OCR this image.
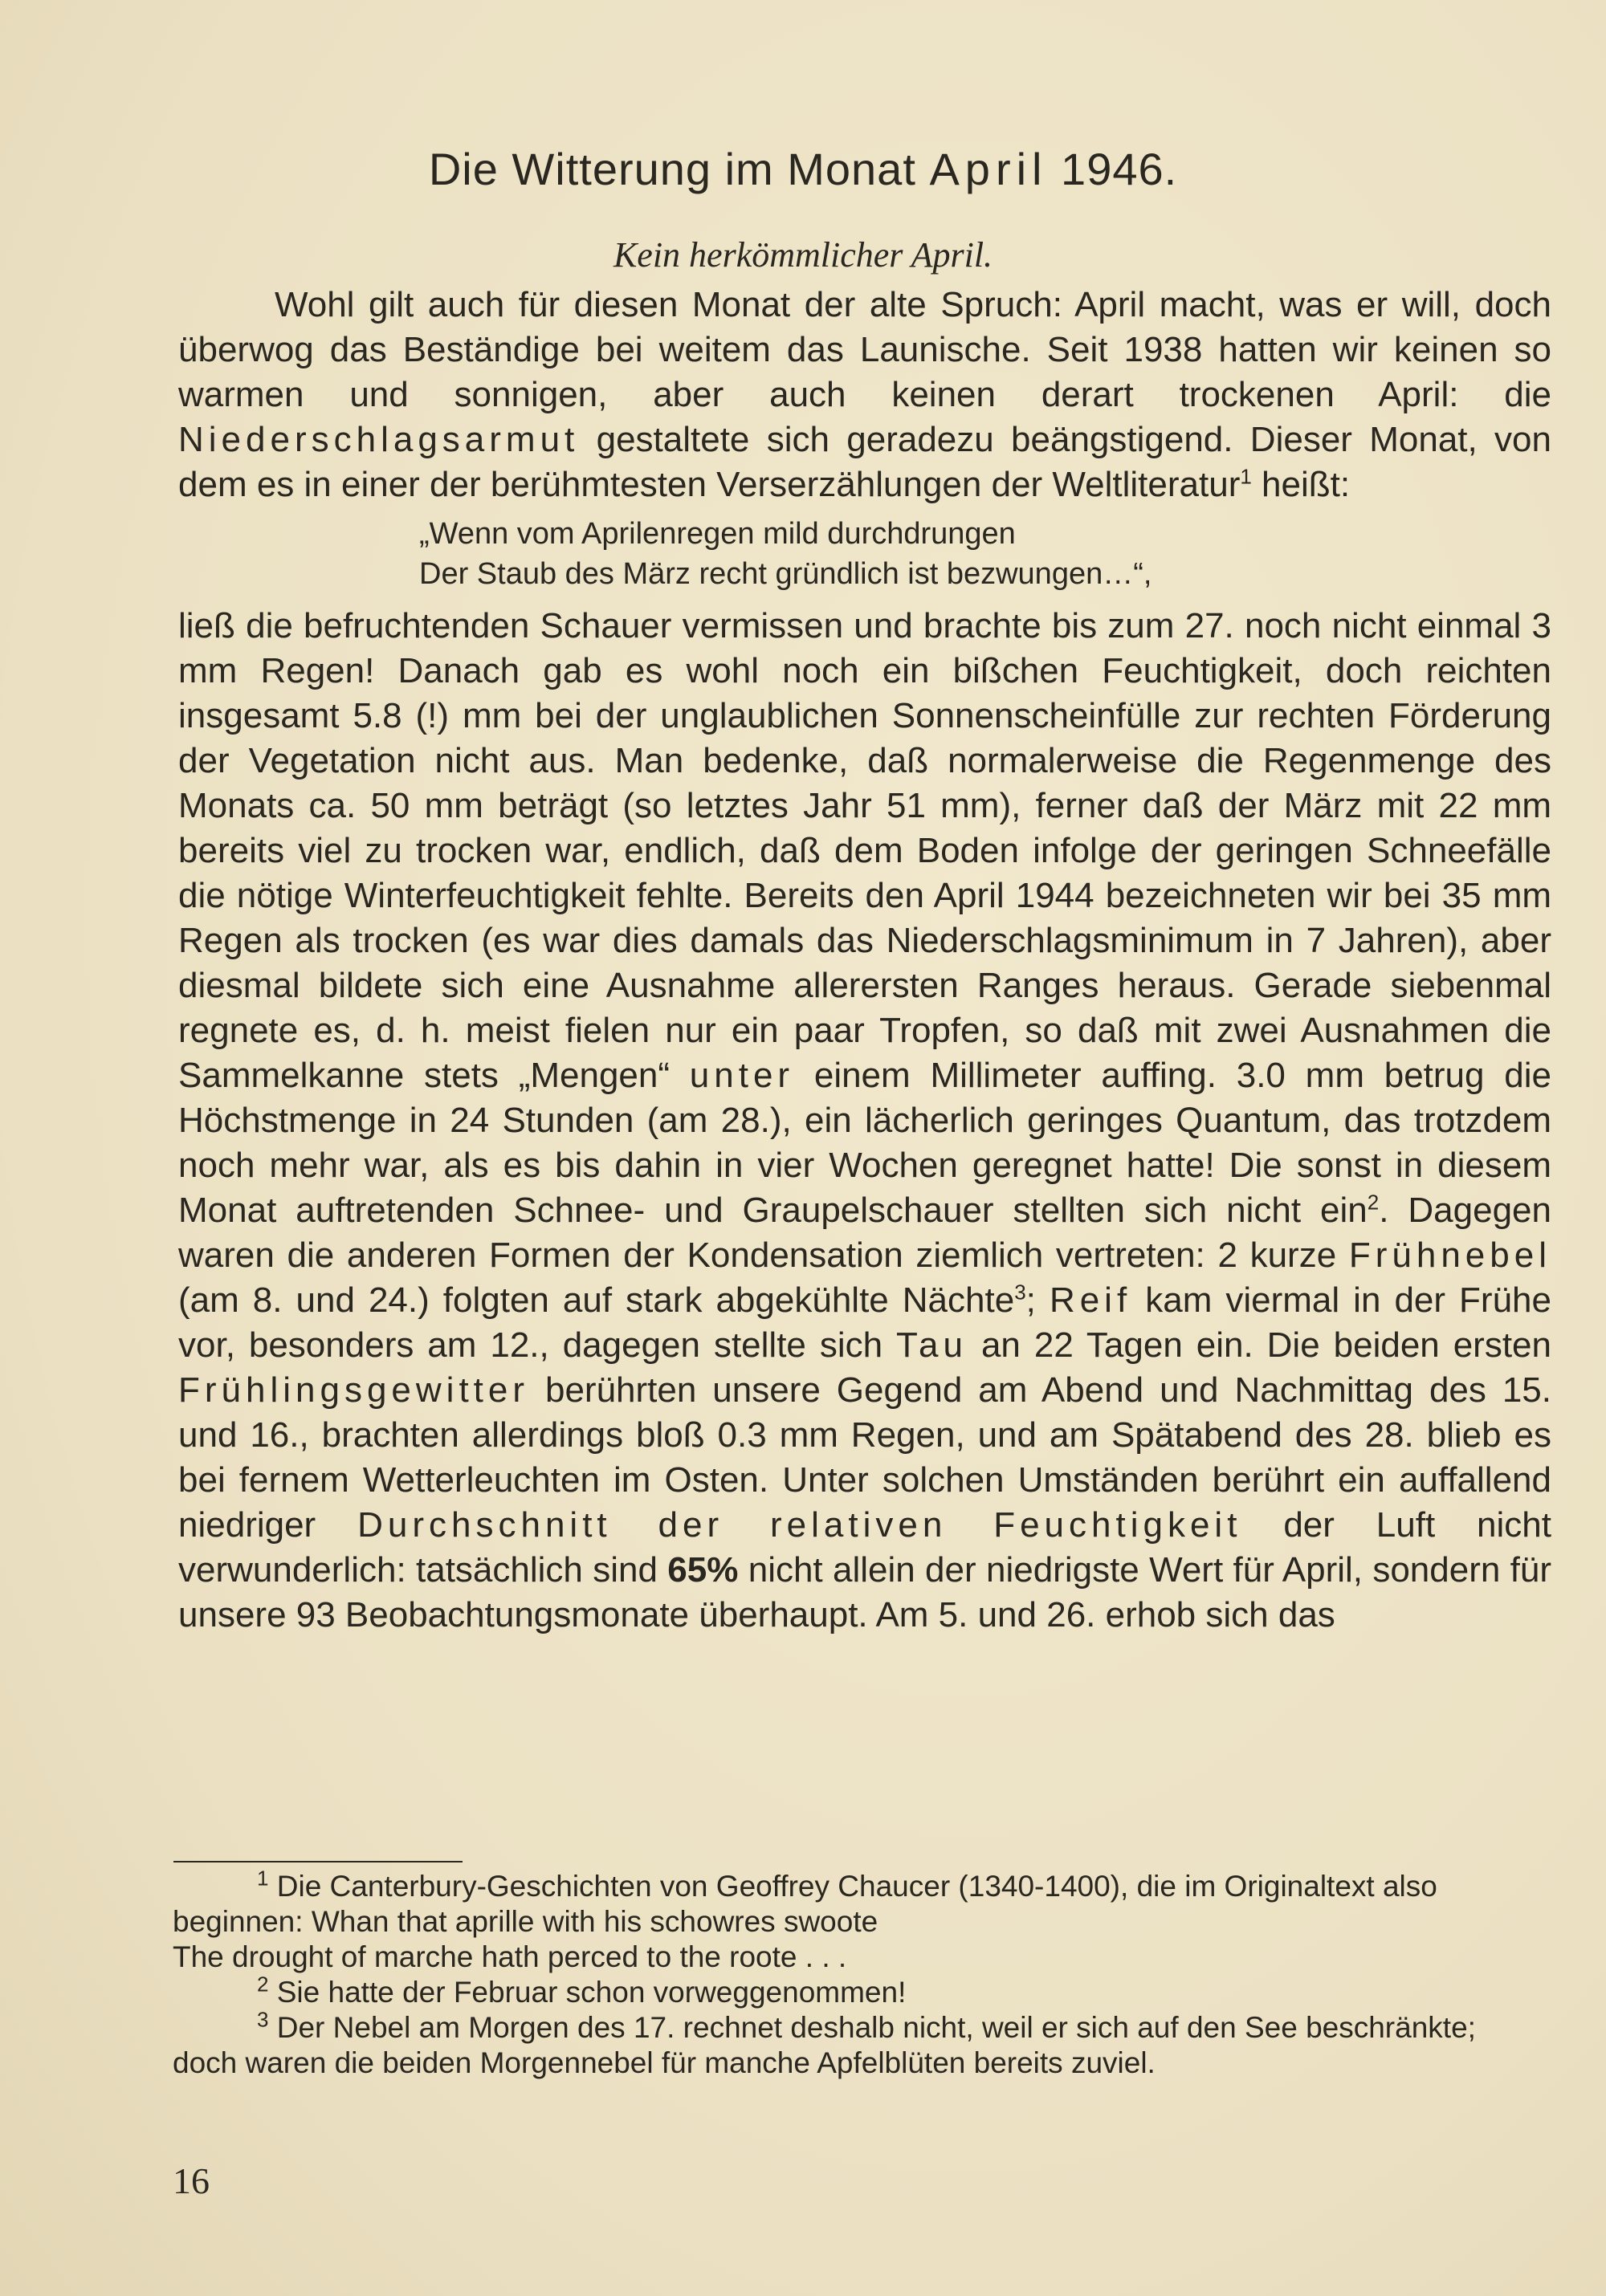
Die Witterung im Monat April 1946.
Kein herkömmlicher April.

Wohl gilt auch für diesen Monat der alte Spruch: April macht, was er will, doch überwog das Beständige bei weitem das Launische. Seit 1938 hatten wir keinen so warmen und sonnigen, aber auch keinen derart trockenen April: die Niederschlagsarmut gestaltete sich geradezu beängstigend. Dieser Monat, von dem es in einer der berühmtesten Verserzählungen der Weltliteratur$^1$ heißt:

„Wenn vom Aprilenregen mild durchdrungen
Der Staub des März recht gründlich ist bezwungen…“,

ließ die befruchtenden Schauer vermissen und brachte bis zum 27. noch nicht einmal 3 mm Regen! Danach gab es wohl noch ein bißchen Feuchtigkeit, doch reichten insgesamt 5.8 (!) mm bei der unglaublichen Sonnenscheinfülle zur rechten Förderung der Vegetation nicht aus. Man bedenke, daß normalerweise die Regenmenge des Monats ca. 50 mm beträgt (so letztes Jahr 51 mm), ferner daß der März mit 22 mm bereits viel zu trocken war, endlich, daß dem Boden infolge der geringen Schneefälle die nötige Winterfeuchtigkeit fehlte. Bereits den April 1944 bezeichneten wir bei 35 mm Regen als trocken (es war dies damals das Niederschlagsminimum in 7 Jahren), aber diesmal bildete sich eine Ausnahme allerersten Ranges heraus. Gerade siebenmal regnete es, d. h. meist fielen nur ein paar Tropfen, so daß mit zwei Ausnahmen die Sammelkanne stets „Mengen“ unter einem Millimeter auffing. 3.0 mm betrug die Höchstmenge in 24 Stunden (am 28.), ein lächerlich geringes Quantum, das trotzdem noch mehr war, als es bis dahin in vier Wochen geregnet hatte! Die sonst in diesem Monat auftretenden Schnee- und Graupelschauer stellten sich nicht ein$^2$. Dagegen waren die anderen Formen der Kondensation ziemlich vertreten: 2 kurze Frühnebel (am 8. und 24.) folgten auf stark abgekühlte Nächte$^3$; Reif kam viermal in der Frühe vor, besonders am 12., dagegen stellte sich Tau an 22 Tagen ein. Die beiden ersten Frühlingsgewitter berührten unsere Gegend am Abend und Nachmittag des 15. und 16., brachten allerdings bloß 0.3 mm Regen, und am Spätabend des 28. blieb es bei fernem Wetterleuchten im Osten. Unter solchen Umständen berührt ein auffallend niedriger Durchschnitt der relativen Feuchtigkeit der Luft nicht verwunderlich: tatsächlich sind 65% nicht allein der niedrigste Wert für April, sondern für unsere 93 Beobachtungsmonate überhaupt. Am 5. und 26. erhob sich das

$^1$ Die Canterbury-Geschichten von Geoffrey Chaucer (1340-1400), die im Originaltext also beginnen: Whan that aprille with his schowres swoote

The drought of marche hath perced to the roote . . .

$^2$ Sie hatte der Februar schon vorweggenommen!

$^3$ Der Nebel am Morgen des 17. rechnet deshalb nicht, weil er sich auf den See beschränkte; doch waren die beiden Morgennebel für manche Apfelblüten bereits zuviel.

16
